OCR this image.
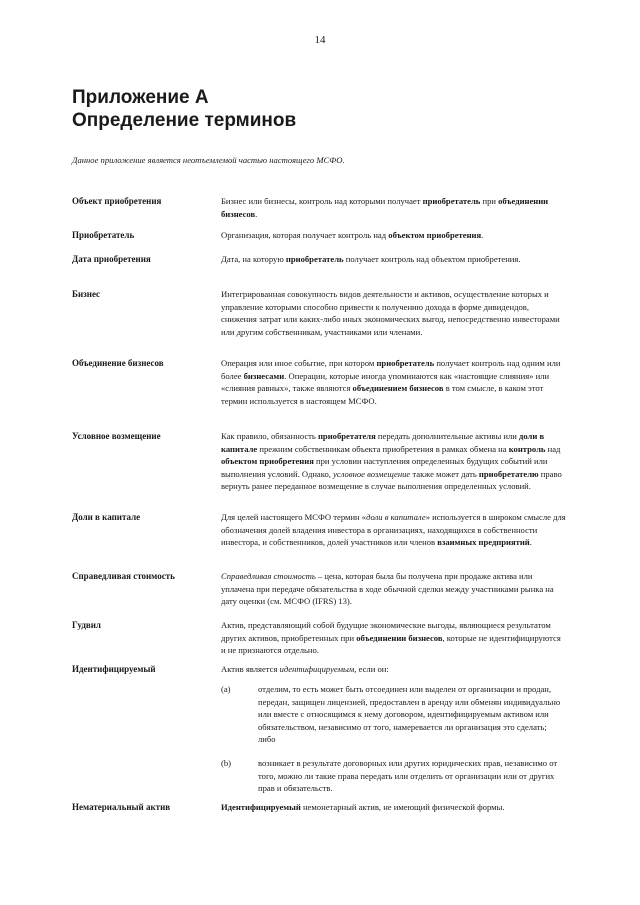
14
Приложение А
Определение терминов
Данное приложение является неотъемлемой частью настоящего МСФО.
Объект приобретения	Бизнес или бизнесы, контроль над которыми получает приобретатель при объединении бизнесов.
Приобретатель	Организация, которая получает контроль над объектом приобретения.
Дата приобретения	Дата, на которую приобретатель получает контроль над объектом приобретения.
Бизнес	Интегрированная совокупность видов деятельности и активов, осуществление которых и управление которыми способно привести к получению дохода в форме дивидендов, снижения затрат или каких-либо иных экономических выгод, непосредственно инвесторами или другим собственникам, участниками или членами.
Объединение бизнесов	Операция или иное событие, при котором приобретатель получает контроль над одним или более бизнесами. Операции, которые иногда упоминаются как «настоящие слияния» или «слияния равных», также являются объединением бизнесов в том смысле, в каком этот термин используется в настоящем МСФО.
Условное возмещение	Как правило, обязанность приобретателя передать дополнительные активы или доли в капитале прежним собственникам объекта приобретения в рамках обмена на контроль над объектом приобретения при условии наступления определенных будущих событий или выполнения условий. Однако, условное возмещение также может дать приобретателю право вернуть ранее переданное возмещение в случае выполнения определенных условий.
Доли в капитале	Для целей настоящего МСФО термин «доли в капитале» используется в широком смысле для обозначения долей владения инвестора в организациях, находящихся в собственности инвестора, и собственников, долей участников или членов взаимных предприятий.
Справедливая стоимость	Справедливая стоимость – цена, которая была бы получена при продаже актива или уплачена при передаче обязательства в ходе обычной сделки между участниками рынка на дату оценки (см. МСФО (IFRS) 13).
Гудвил	Актив, представляющий собой будущие экономические выгоды, являющиеся результатом других активов, приобретенных при объединении бизнесов, которые не идентифицируются и не признаются отдельно.
Идентифицируемый	Актив является идентифицируемым, если он:
(a)	отделим, то есть может быть отсоединен или выделен от организации и продан, передан, защищен лицензией, предоставлен в аренду или обменян индивидуально или вместе с относящимся к нему договором, идентифицируемым активом или обязательством, независимо от того, намеревается ли организация это сделать; либо
(b)	возникает в результате договорных или других юридических прав, независимо от того, можно ли такие права передать или отделить от организации или от других прав и обязательств.
Нематериальный актив	Идентифицируемый немонетарный актив, не имеющий физической формы.
